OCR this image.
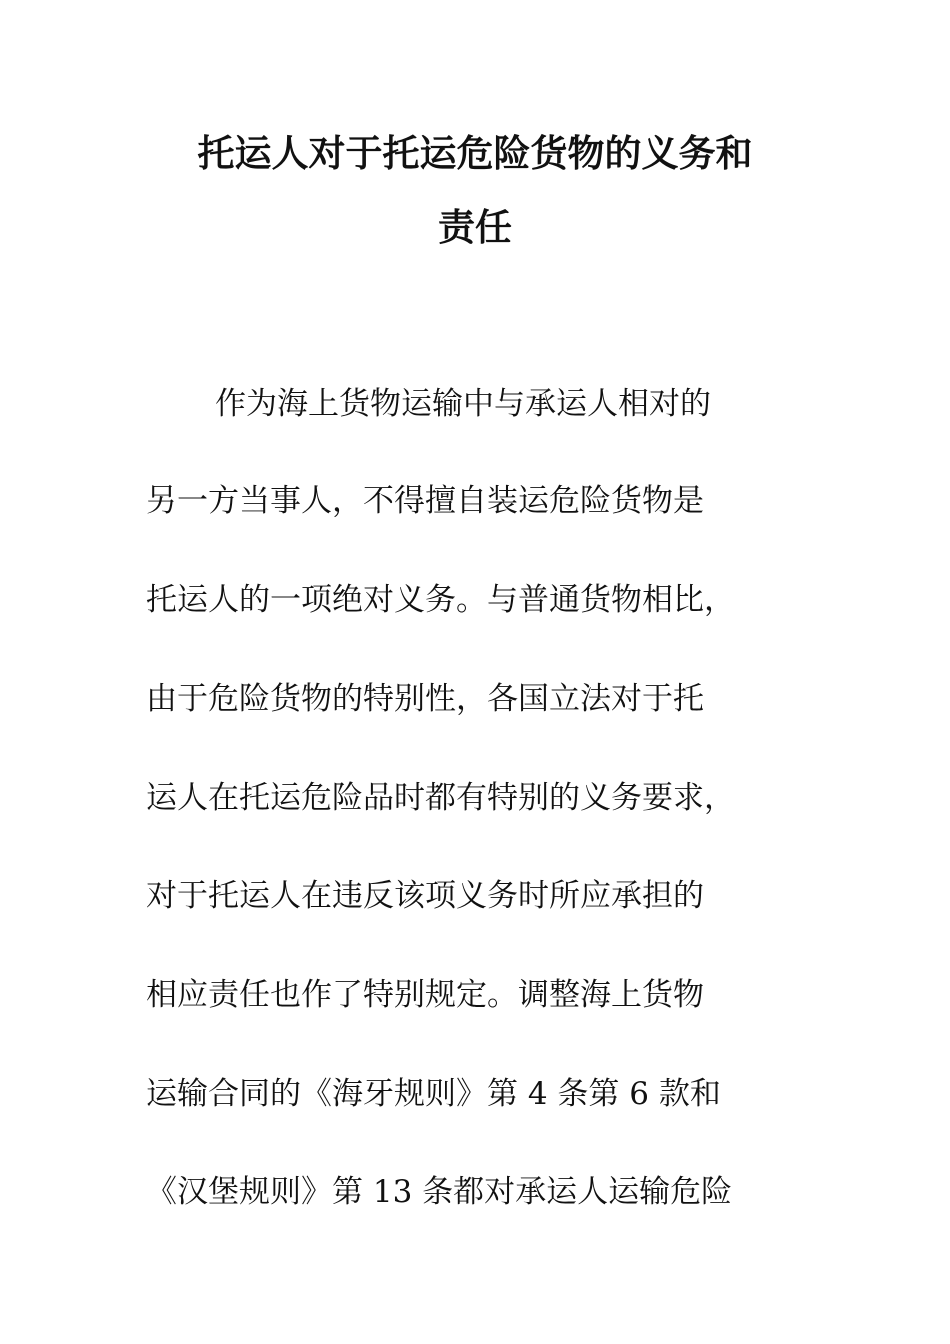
托运人对于托运危险货物的义务和
责任

作为海上货物运输中与承运人相对的

另一方当事人，不得擅自装运危险货物是

托运人的一项绝对义务。与普通货物相比，

由于危险货物的特别性，各国立法对于托

运人在托运危险品时都有特别的义务要求，

对于托运人在违反该项义务时所应承担的

相应责任也作了特别规定。调整海上货物

运输合同的《海牙规则》第 4 条第 6 款和

《汉堡规则》第 13 条都对承运人运输危险
